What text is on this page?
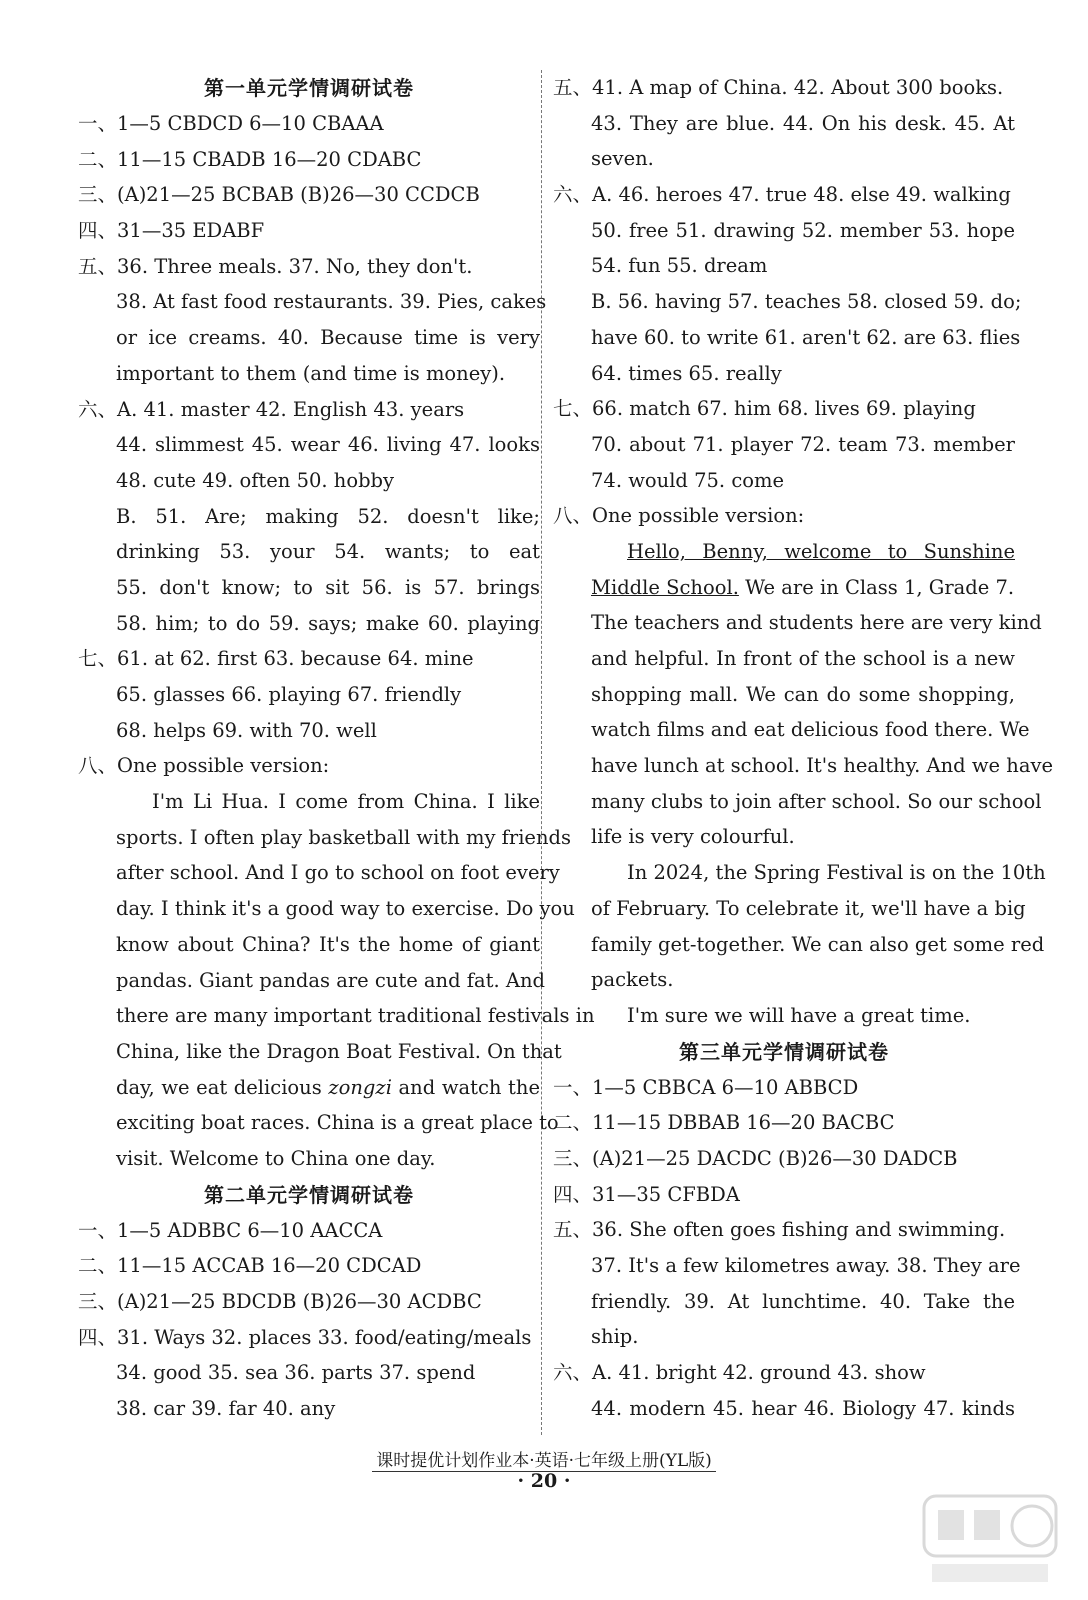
第一单元学情调研试卷
一、1—5 CBDCD 6—10 CBAAA
二、11—15 CBADB 16—20 CDABC
三、(A)21—25 BCBAB (B)26—30 CCDCB
四、31—35 EDABF
五、36. Three meals. 37. No, they don't.
38. At fast food restaurants. 39. Pies, cakes
or ice creams. 40. Because time is very
important to them (and time is money).
六、A. 41. master 42. English 43. years
44. slimmest 45. wear 46. living 47. looks
48. cute 49. often 50. hobby
B. 51. Are; making 52. doesn't like;
drinking 53. your 54. wants; to eat
55. don't know; to sit 56. is 57. brings
58. him; to do 59. says; make 60. playing
七、61. at 62. first 63. because 64. mine
65. glasses 66. playing 67. friendly
68. helps 69. with 70. well
八、One possible version:
I'm Li Hua. I come from China. I like
sports. I often play basketball with my friends
after school. And I go to school on foot every
day. I think it's a good way to exercise. Do you
know about China? It's the home of giant
pandas. Giant pandas are cute and fat. And
there are many important traditional festivals in
China, like the Dragon Boat Festival. On that
day, we eat delicious zongzi and watch the
exciting boat races. China is a great place to
visit. Welcome to China one day.
第二单元学情调研试卷
一、1—5 ADBBC 6—10 AACCA
二、11—15 ACCAB 16—20 CDCAD
三、(A)21—25 BDCDB (B)26—30 ACDBC
四、31. Ways 32. places 33. food/eating/meals
34. good 35. sea 36. parts 37. spend
38. car 39. far 40. any
五、41. A map of China. 42. About 300 books.
43. They are blue. 44. On his desk. 45. At
seven.
六、A. 46. heroes 47. true 48. else 49. walking
50. free 51. drawing 52. member 53. hope
54. fun 55. dream
B. 56. having 57. teaches 58. closed 59. do;
have 60. to write 61. aren't 62. are 63. flies
64. times 65. really
七、66. match 67. him 68. lives 69. playing
70. about 71. player 72. team 73. member
74. would 75. come
八、One possible version:
Hello, Benny, welcome to Sunshine
Middle School. We are in Class 1, Grade 7.
The teachers and students here are very kind
and helpful. In front of the school is a new
shopping mall. We can do some shopping,
watch films and eat delicious food there. We
have lunch at school. It's healthy. And we have
many clubs to join after school. So our school
life is very colourful.
In 2024, the Spring Festival is on the 10th
of February. To celebrate it, we'll have a big
family get-together. We can also get some red
packets.
I'm sure we will have a great time.
第三单元学情调研试卷
一、1—5 CBBCA 6—10 ABBCD
二、11—15 DBBAB 16—20 BACBC
三、(A)21—25 DACDC (B)26—30 DADCB
四、31—35 CFBDA
五、36. She often goes fishing and swimming.
37. It's a few kilometres away. 38. They are
friendly. 39. At lunchtime. 40. Take the
ship.
六、A. 41. bright 42. ground 43. show
44. modern 45. hear 46. Biology 47. kinds
课时提优计划作业本·英语·七年级上册(YL版)
· 20 ·
